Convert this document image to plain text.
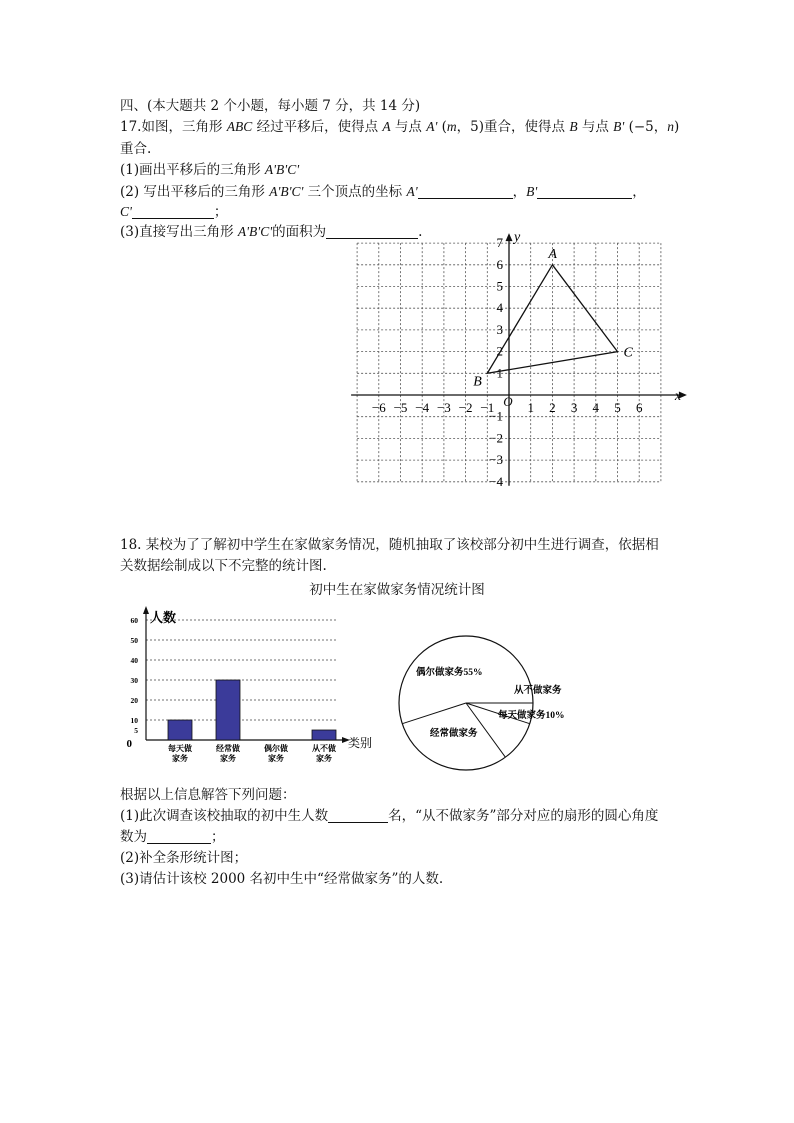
四、(本大题共 2 个小题，每小题 7 分，共 14 分)
17.如图，三角形 ABC 经过平移后，使得点 A 与点 A' (m，5)重合，使得点 B 与点 B' (−5，n)
重合.
(1)画出平移后的三角形 A'B'C'
(2) 写出平移后的三角形 A'B'C' 三个顶点的坐标 A'	，B'	，
C'	；
(3)直接写出三角形 A'B'C'的面积为	.
x
y
O
−6 −5 −4 −3 −2 −1	1 2 3 4 5 6
7
6
5
4
3
2
1
−1
−2
−3
−4
A
B
C
18. 某校为了了解初中学生在家做家务情况，随机抽取了该校部分初中生进行调查，依据相
关数据绘制成以下不完整的统计图.
初中生在家做家务情况统计图
人数
类别
60
50
40
30
20
10
5
0	每天做
家务
经常做
家务
偶尔做
家务
从不做
家务
偶尔做家务55%
从不做家务
每天做家务10%
经常做家务
根据以上信息解答下列问题：
(1)此次调查该校抽取的初中生人数	名，“从不做家务”部分对应的扇形的圆心角度
数为	；
(2)补全条形统计图；
(3)请估计该校 2000 名初中生中“经常做家务”的人数.
